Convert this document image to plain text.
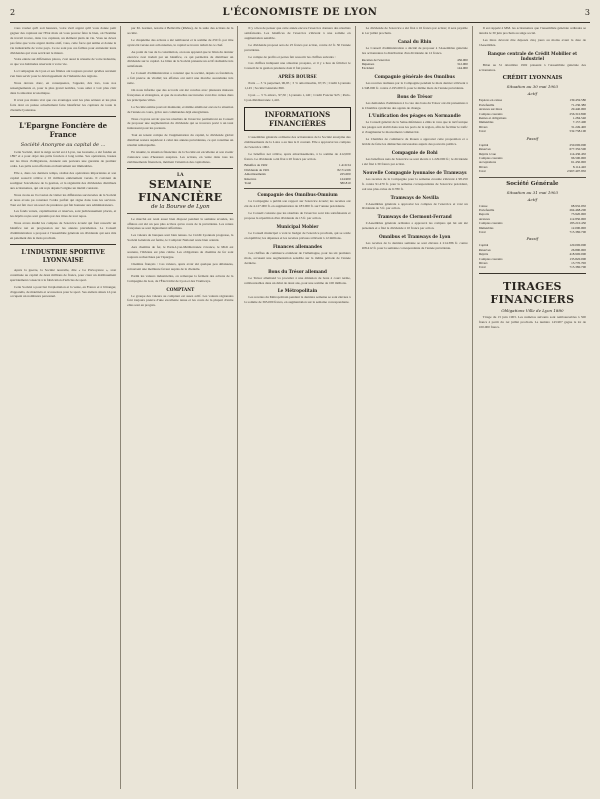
2	L'ÉCONOMISTE DE LYON	3

vous voulez qu'il soit heureux, votre vieil argent qu'il vous donne petit gagner des capitaux sur l'Etat mais où vous pouvez faire le bien, où l'homme de travail trouve, dans vos capitaux, un élément plein de vie. Vous ne devez pas faire que votre argent dorme oisif, vous, cette force qui anime et donne la vie industrielle de votre pays. Ce ne sont pas ces faibles pour entretenir leurs dividendes qui vous serviront le mieux.

Votre entrée sur différentes places, c'est aussi la réussite de votre industrie, ce que vos habitudes réservent à votre vie.

La Compagnie de Lyon et ses filiales ont toujours prouvé qu'elles savaient s'en bien servir pour le développement de l'industrie des régions.

Nous devons donc, en conséquence, l'appeler, dès lors, tous nos renseignements et, pour le plus grand nombre, vous aider à voir plus clair dans la situation économique.

Il n'est pas moins vrai que ces avantages sont les plus sérieux et les plus forts dont on puisse actuellement faire bénéficier les capitaux de toute la clientèle lyonnaise.

L'Epargne Foncière de France
Société Anonyme au capital de ...

Cette Société, dont le siège social est à Lyon, rue Grenette, a été fondée en 1897 et a pour objet des prêts fonciers à long terme. Ses opérations, basées sur les titres d'obligations, donnent aux porteurs une garantie de premier ordre. Les prêts sont effectués exclusivement sur immeubles.

Elle a, dans ces derniers temps, réalisé des opérations importantes et son capital souscrit s'élève à 10 millions entièrement versés. Il convient de souligner l'excellence de la gestion, et la régularité des dividendes distribués aux actionnaires, qui ont reçu depuis l'origine un intérêt constant.

Nous avons eu l'occasion de visiter les différentes succursales de la Société et nous avons pu constater l'ordre parfait qui règne dans tous les services. Tout est fait avec un souci de prudence qui fait honneur aux administrateurs.

Les fonds versés, capitalisation et réserves, sont judicieusement placés, et les dépôts reçus sont garantis par des titres de tout repos.

Nous avons étudié les comptes de l'exercice écoulé qui font ressortir un bénéfice net en progression sur les années précédentes. Le Conseil d'administration a proposé à l'Assemblée générale un dividende qui sera mis en paiement dès le mois prochain.

L'INDUSTRIE SPORTIVE LYONNAISE

Après la guerre, la Société nouvelle, dite « La Prévoyance », s'est constituée au capital de deux millions de francs, pour créer un établissement spécialement consacré à la fabrication d'articles de sport.

Cette Société a pour but l'exploitation et la vente, en France et à l'étranger, d'appareils, de matériels et accessoires pour le sport. Ses ateliers situés à Lyon occupent un nombreux personnel.

par M. Garnier, notaire à Belleville (Rhône), de la suite des actions de la société.

Le cinquième des actions a été remboursé et la somme de 250 fr. par titre ayant été versée aux actionnaires, le capital se trouve réduit de ce chef.

Au point de vue de la constitution, on nous apprend que le bilan du dernier exercice s'est traduit par un bénéfice, ce qui permettra de distribuer un dividende sur le capital. Le bilan de la Société présente un actif réalisable très satisfaisant.

Le Conseil d'administration a constaté que la société, depuis sa fondation, a fait preuve de vitalité; les affaires ont suivi une marche ascendante très nette.

On nous informe que des accords ont été conclus avec plusieurs maisons françaises et étrangères, et que de nouvelles succursales vont être créées dans les principales villes.

La Société estime pouvoir maintenir, et même améliorer encore la situation de l'année en cours, grâce aux commandes déjà enregistrées.

Nous croyons savoir que les résultats de l'exercice permettront au Conseil de proposer une augmentation du dividende qui se trouvera porté à un taux intéressant pour les porteurs.

Tout en tenant compte de l'augmentation du capital, le dividende global distribué restera supérieur à celui des années précédentes, ce qui constitue un résultat remarquable.

En résumé, la situation financière de la Société est excellente et son avenir s'annonce sous d'heureux auspices. Les actions, en vente dans tous les établissements financiers, méritent l'attention des capitalistes.

LA
SEMAINE FINANCIÈRE
de la Bourse de Lyon

Le marché est resté assez bien disposé pendant la semaine écoulée, les affaires ont été un peu plus actives qu'au cours de la précédente. Les rentes françaises se sont légèrement raffermies.

Les valeurs de banques sont bien tenues. Le Crédit Lyonnais progresse, la Société Générale est ferme, le Comptoir National reste bien orienté.

Aux chemins de fer, le Paris-Lyon-Méditerranée s'avance, le Midi est soutenu, l'Orléans est plus calme. Les obligations de chemins de fer sont toujours recherchées par l'épargne.

Chemins français : Ces valeurs, après avoir été quelque peu délaissées, retrouvent une meilleure faveur auprès de la clientèle.

Parmi les valeurs industrielles, on remarque la fermeté des actions de la Compagnie du Gaz, de l'Électricité de Lyon et des Tramways.

COMPTANT

Le groupe des valeurs au comptant est assez actif. Les valeurs régionales font toujours preuve d'une excellente tenue et les cours de la plupart d'entre elles sont en progrès.

Il y a lieu de penser que cette année encore l'exercice donnera des résultats satisfaisants. Les bénéfices de l'exercice s'élèvent à une somme en augmentation sensible.

Le dividende proposé sera de 25 francs par action, contre 22 fr. 50 l'année précédente.

Le compte de profits et pertes fait ressortir les chiffres suivants :

Ces chiffres indiquent une situation prospère, et il y a lieu de féliciter le Conseil de la gestion prudente dont il fait preuve.

APRÈS BOURSE

Paris — 3 % perpétuel, 96,95 ; 3 % amortissable, 97,35 ; Crédit Lyonnais 1,145 ; Société Générale 690.

Lyon — 3 % amort., 97,50 ; Lyonnais 1,140 ; Crédit Foncier 925 ; Paris-Lyon-Méditerranée 1,410.

INFORMATIONS FINANCIÈRES

L'assemblée générale ordinaire des actionnaires de la Société anonyme des établissements de la Loire a eu lieu le 6 courant. Elle a approuvé les comptes de l'exercice 1902.

Le bénéfice net s'élève, après amortissements, à la somme de 412,000 francs. Le dividende a été fixé à 20 francs par action.

Bénéfice de 1902	1.410.34
Dividende de 1901	82.712.66
Amortissements	225.000
Réserves	124.900
Total	580.810
Compagnie des Omnibus-Omnium

La Compagnie a publié son rapport sur l'exercice écoulé; les recettes ont été de 4.127.000 fr. en augmentation de 183.000 fr. sur l'année précédente.

Le Conseil constate que les résultats de l'exercice sont très satisfaisants et propose la répartition d'un dividende de 15 fr. par action.

Municipal Mobier

Le Conseil municipal a voté le budget de l'exercice prochain, qui se solde en équilibre; les dépenses et les recettes prévues s'élèvent à 12 millions.

Finances allemandes

Les chiffres du commerce extérieur de l'Allemagne, pour les six premiers mois, accusent une augmentation sensible sur la même période de l'année dernière.

Bons du Trésor allemand

Le Trésor allemand va procéder à une émission de bons à court terme, remboursables dans un délai de deux ans, pour une somme de 100 millions.

Le Métropolitain

Les recettes du Métropolitain pendant la dernière semaine se sont élevées à la somme de 365.000 francs, en augmentation sur la semaine correspondante.

Le dividende de l'exercice a été fixé à 16 francs par action; il sera payable le 1er juillet prochain.

Canal du Rhin

Le Conseil d'administration a décidé de proposer à l'Assemblée générale des actionnaires la distribution d'un dividende de 12 francs.

Recettes de l'exercice	456.000
Dépenses	312.000
Excédent	144.000
Compagnie générale des Omnibus

Les recettes réalisées par la Compagnie pendant le mois dernier s'élèvent à 2.348.000 fr. contre 2.195.000 fr. pour le même mois de l'année précédente.

Bons de Trésor

Les demandes d'admission à la cote des bons du Trésor ont été présentées à la Chambre syndicale des agents de change.

L'Unification des péages en Normandie

Le Conseil général de la Seine-Inférieure a émis le vœu que le tarif unique des péages soit établi dans tous les ports de la région, afin de faciliter le trafic et d'augmenter le mouvement commercial.

La Chambre de commerce de Rouen a approuvé cette proposition et a décidé de faire les démarches nécessaires auprès des pouvoirs publics.

Compagnie de Bohi

Les bénéfices nets de l'exercice se sont élevés à 1.229.000 fr.; le dividende a été fixé à 30 francs par action.

Nouvelle Compagnie lyonnaise de Tramways

Les recettes de la Compagnie pour la semaine écoulée s'élèvent à 98.250 fr. contre 91.470 fr. pour la semaine correspondante de l'exercice précédent, soit une plus-value de 6.780 fr.

Tramways de Nevilla

L'Assemblée générale a approuvé les comptes de l'exercice et voté un dividende de 5 fr. par action.

Tramways de Clermont-Ferrand

L'Assemblée générale ordinaire a approuvé les comptes qui lui ont été présentés et a fixé le dividende à 10 francs par action.

Omnibus et Tramways de Lyon

Les recettes de la dernière semaine se sont élevées à 214.386 fr. contre 208.412 fr. pour la semaine correspondante de l'année précédente.

Il est rappelé à MM. les actionnaires que l'Assemblée générale ordinaire se tiendra le 30 juin prochain au siège social.

Les titres devront être déposés cinq jours au moins avant la date de l'Assemblée.

Banque centrale de Crédit Mobilier et Industriel

Bilan au 31 décembre 1902 présenté à l'Assemblée générale des actionnaires.

CRÉDIT LYONNAIS
Situation au 30 mai 1903
Actif
Espèces en caisse	139.459.580
Portefeuille	71.236.380
Avances sur titres	29.440.000
Comptes courants	256.310.800
Rentes et obligations	1.284.540
Immeubles	7.157.400
Divers	31.249.400
Total	532.738.100
Passif
Capital	250.000.000
Réserves	677.350.500
Dépôts à vue	114.436.450
Comptes courants	96.500.000
Acceptations	61.450.000
Divers	8.114.420
Total	2.967.407.950
Société Générale
Situation au 31 mai 1903
Actif
Caisse	68.932.050
Portefeuille	264.468.200
Reports	73.920.000
Avances	112.850.000
Comptes courants	183.210.450
Immeubles	12.000.000
Total	715.380.700
Passif
Capital	120.000.000
Réserves	26.890.000
Dépôts	418.900.000
Comptes courants	135.820.000
Divers	13.770.700
Total	715.380.700
TIRAGES FINANCIERS
Obligations Ville de Lyon 1880

Tirage du 15 juin 1903. Les numéros suivants sont remboursables à 500 francs à partir du 1er juillet prochain. Le numéro 143.907 gagne le lot de 100.000 francs.
